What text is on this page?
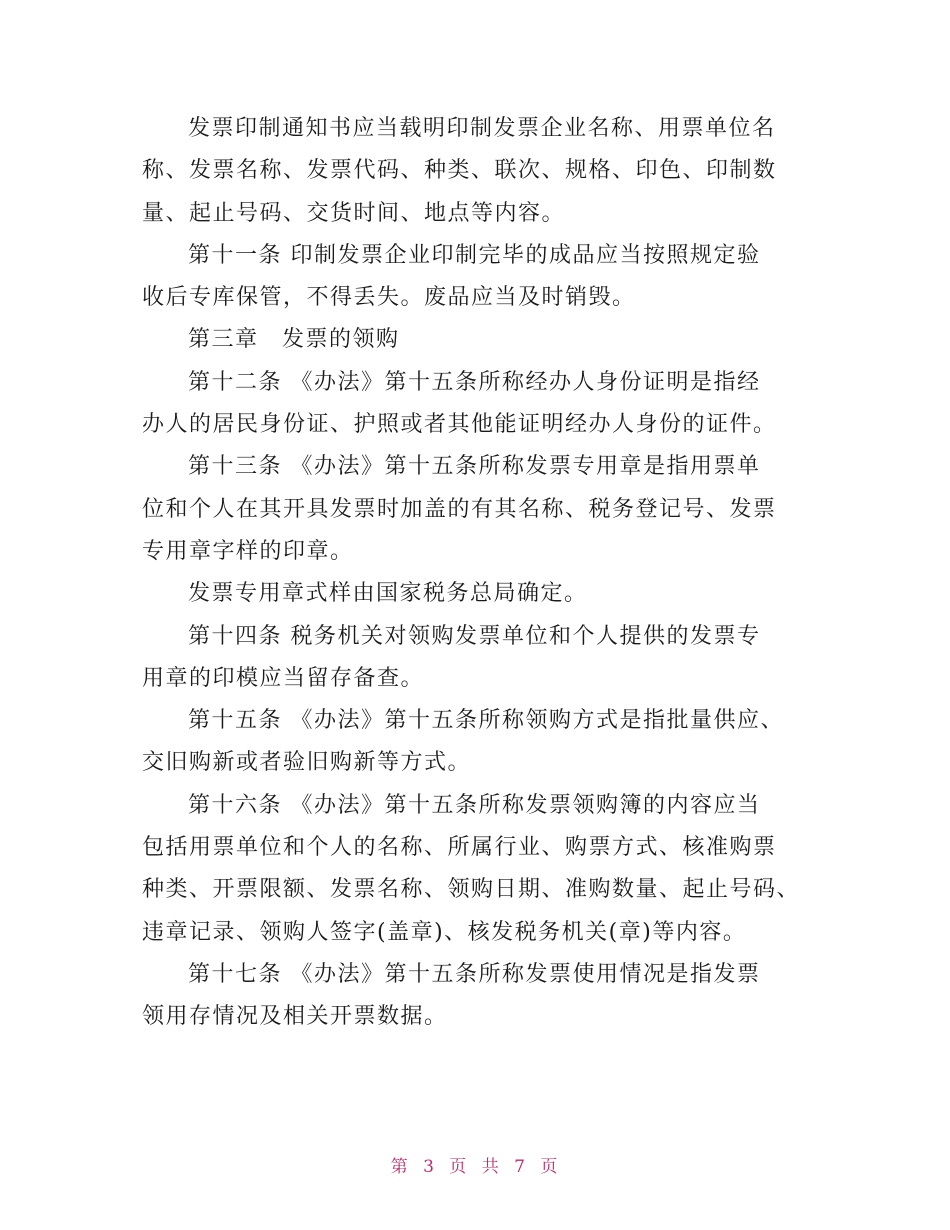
发票印制通知书应当载明印制发票企业名称、用票单位名
称、发票名称、发票代码、种类、联次、规格、印色、印制数
量、起止号码、交货时间、地点等内容。
第十一条 印制发票企业印制完毕的成品应当按照规定验
收后专库保管，不得丢失。废品应当及时销毁。
第三章　发票的领购
第十二条 《办法》第十五条所称经办人身份证明是指经
办人的居民身份证、护照或者其他能证明经办人身份的证件。
第十三条 《办法》第十五条所称发票专用章是指用票单
位和个人在其开具发票时加盖的有其名称、税务登记号、发票
专用章字样的印章。
发票专用章式样由国家税务总局确定。
第十四条 税务机关对领购发票单位和个人提供的发票专
用章的印模应当留存备查。
第十五条 《办法》第十五条所称领购方式是指批量供应、
交旧购新或者验旧购新等方式。
第十六条 《办法》第十五条所称发票领购簿的内容应当
包括用票单位和个人的名称、所属行业、购票方式、核准购票
种类、开票限额、发票名称、领购日期、准购数量、起止号码、
违章记录、领购人签字(盖章)、核发税务机关(章)等内容。
第十七条 《办法》第十五条所称发票使用情况是指发票
领用存情况及相关开票数据。
第 3 页 共 7 页
